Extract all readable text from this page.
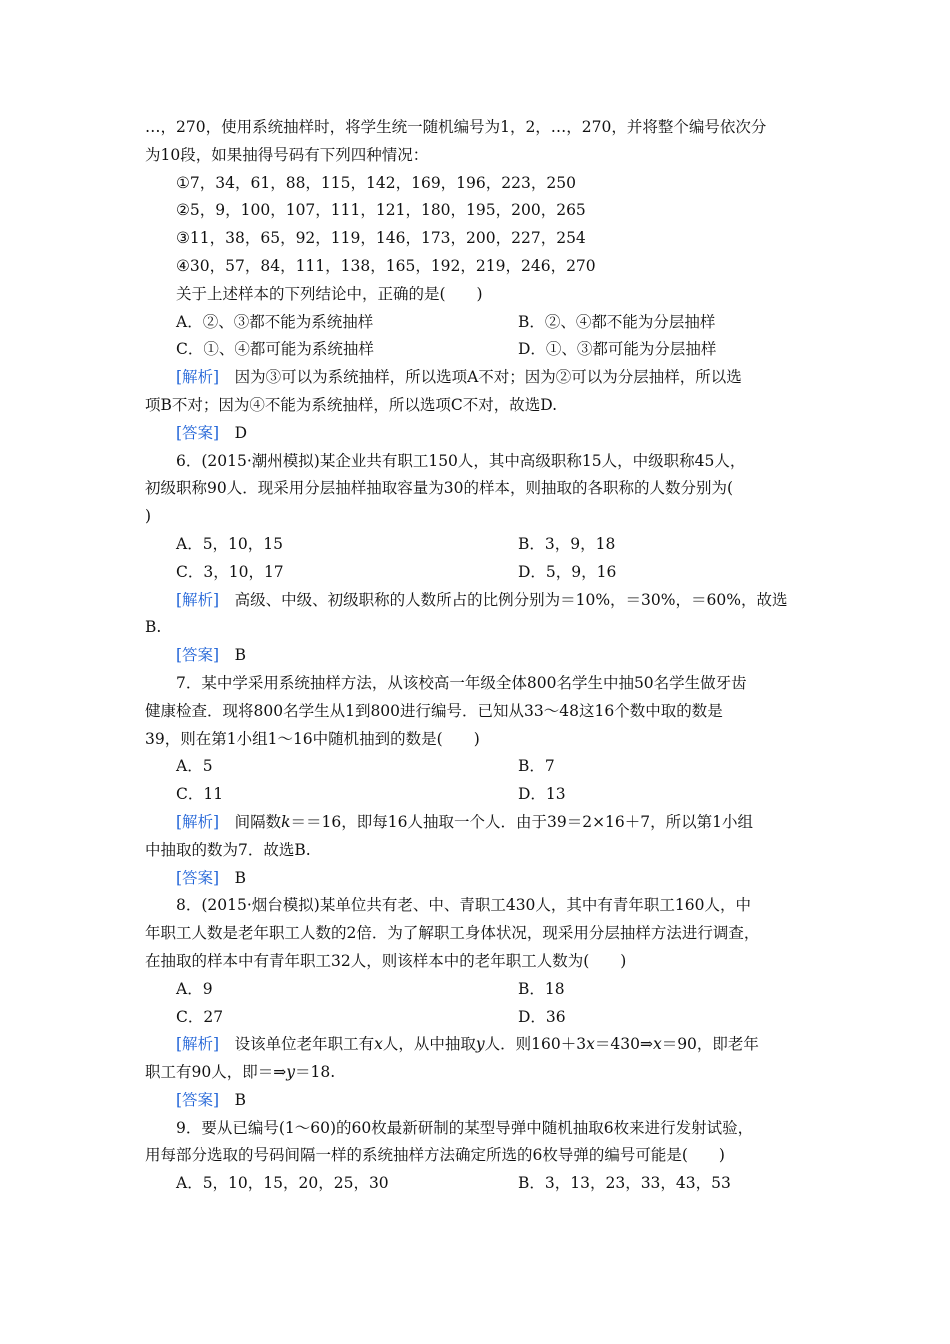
…，270，使用系统抽样时，将学生统一随机编号为1，2，…，270，并将整个编号依次分

为10段，如果抽得号码有下列四种情况：

①7，34，61，88，115，142，169，196，223，250

②5，9，100，107，111，121，180，195，200，265

③11，38，65，92，119，146，173，200，227，254

④30，57，84，111，138，165，192，219，246，270

关于上述样本的下列结论中，正确的是(　　)

A．②、③都不能为系统抽样	B．②、④都不能为分层抽样
C．①、④都可能为系统抽样	D．①、③都可能为分层抽样

[解析]　因为③可以为系统抽样，所以选项A不对；因为②可以为分层抽样，所以选

项B不对；因为④不能为系统抽样，所以选项C不对，故选D.

[答案]　D

6．(2015·潮州模拟)某企业共有职工150人，其中高级职称15人，中级职称45人，

初级职称90人．现采用分层抽样抽取容量为30的样本，则抽取的各职称的人数分别为(

)

A．5，10，15	B．3，9，18
C．3，10，17	D．5，9，16

[解析]　高级、中级、初级职称的人数所占的比例分别为＝10%，＝30%，＝60%，故选

B.

[答案]　B

7．某中学采用系统抽样方法，从该校高一年级全体800名学生中抽50名学生做牙齿

健康检查．现将800名学生从1到800进行编号．已知从33～48这16个数中取的数是

39，则在第1小组1～16中随机抽到的数是(　　)

A．5	B．7
C．11	D．13

[解析]　间隔数k＝＝16，即每16人抽取一个人．由于39＝2×16＋7，所以第1小组

中抽取的数为7．故选B.

[答案]　B

8．(2015·烟台模拟)某单位共有老、中、青职工430人，其中有青年职工160人，中

年职工人数是老年职工人数的2倍．为了解职工身体状况，现采用分层抽样方法进行调查，

在抽取的样本中有青年职工32人，则该样本中的老年职工人数为(　　)

A．9	B．18
C．27	D．36

[解析]　设该单位老年职工有x人，从中抽取y人．则160＋3x＝430⇒x＝90，即老年

职工有90人，即＝⇒y＝18.

[答案]　B

9．要从已编号(1～60)的60枚最新研制的某型导弹中随机抽取6枚来进行发射试验，

用每部分选取的号码间隔一样的系统抽样方法确定所选的6枚导弹的编号可能是(　　)

A．5，10，15，20，25，30	B．3，13，23，33，43，53
